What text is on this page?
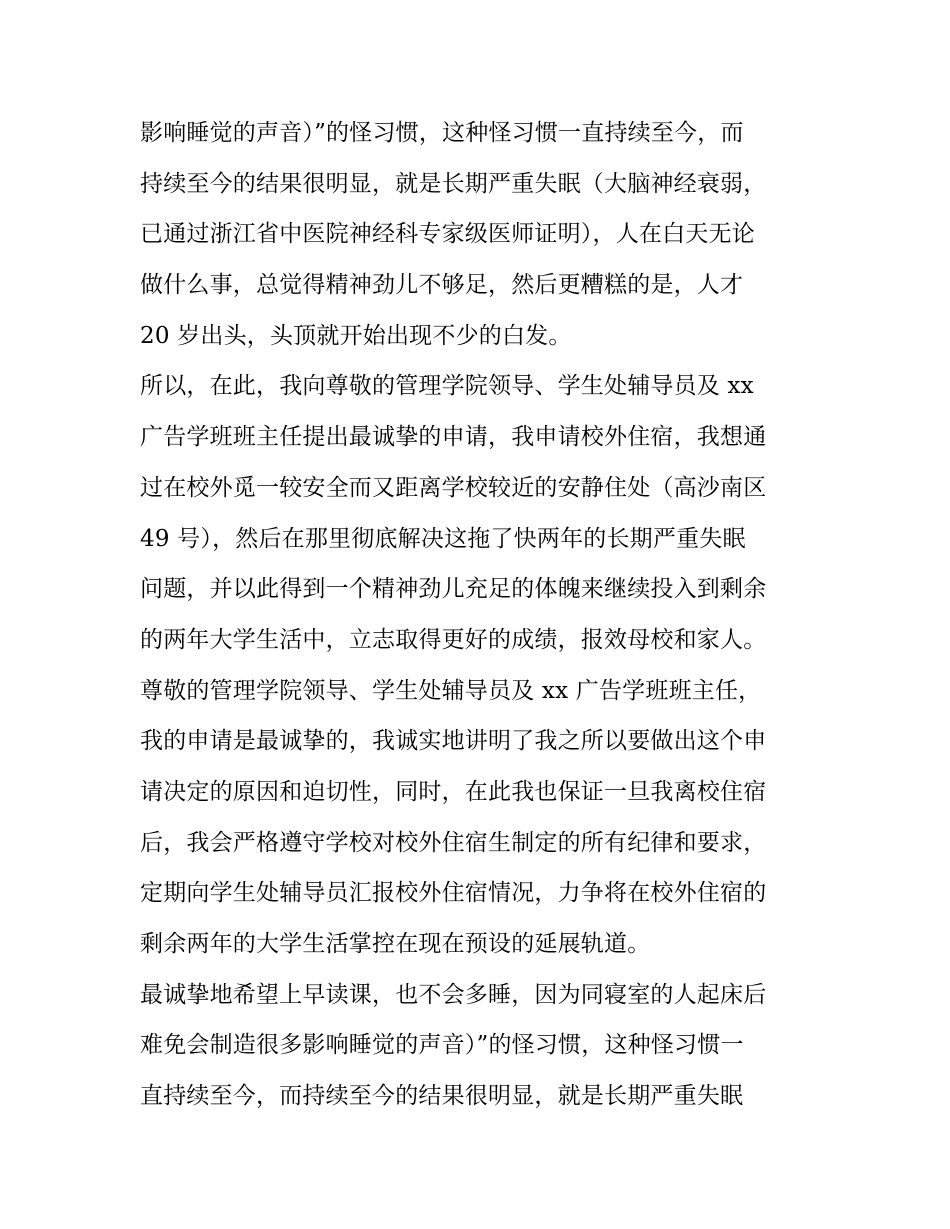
影响睡觉的声音）”的怪习惯，这种怪习惯一直持续至今，而
持续至今的结果很明显，就是长期严重失眠（大脑神经衰弱，
已通过浙江省中医院神经科专家级医师证明），人在白天无论
做什么事，总觉得精神劲儿不够足，然后更糟糕的是，人才
20 岁出头，头顶就开始出现不少的白发。
所以，在此，我向尊敬的管理学院领导、学生处辅导员及 xx
广告学班班主任提出最诚挚的申请，我申请校外住宿，我想通
过在校外觅一较安全而又距离学校较近的安静住处（高沙南区
49 号），然后在那里彻底解决这拖了快两年的长期严重失眠
问题，并以此得到一个精神劲儿充足的体魄来继续投入到剩余
的两年大学生活中，立志取得更好的成绩，报效母校和家人。
尊敬的管理学院领导、学生处辅导员及 xx 广告学班班主任，
我的申请是最诚挚的，我诚实地讲明了我之所以要做出这个申
请决定的原因和迫切性，同时，在此我也保证一旦我离校住宿
后，我会严格遵守学校对校外住宿生制定的所有纪律和要求，
定期向学生处辅导员汇报校外住宿情况，力争将在校外住宿的
剩余两年的大学生活掌控在现在预设的延展轨道。
最诚挚地希望上早读课，也不会多睡，因为同寝室的人起床后
难免会制造很多影响睡觉的声音）”的怪习惯，这种怪习惯一
直持续至今，而持续至今的结果很明显，就是长期严重失眠
